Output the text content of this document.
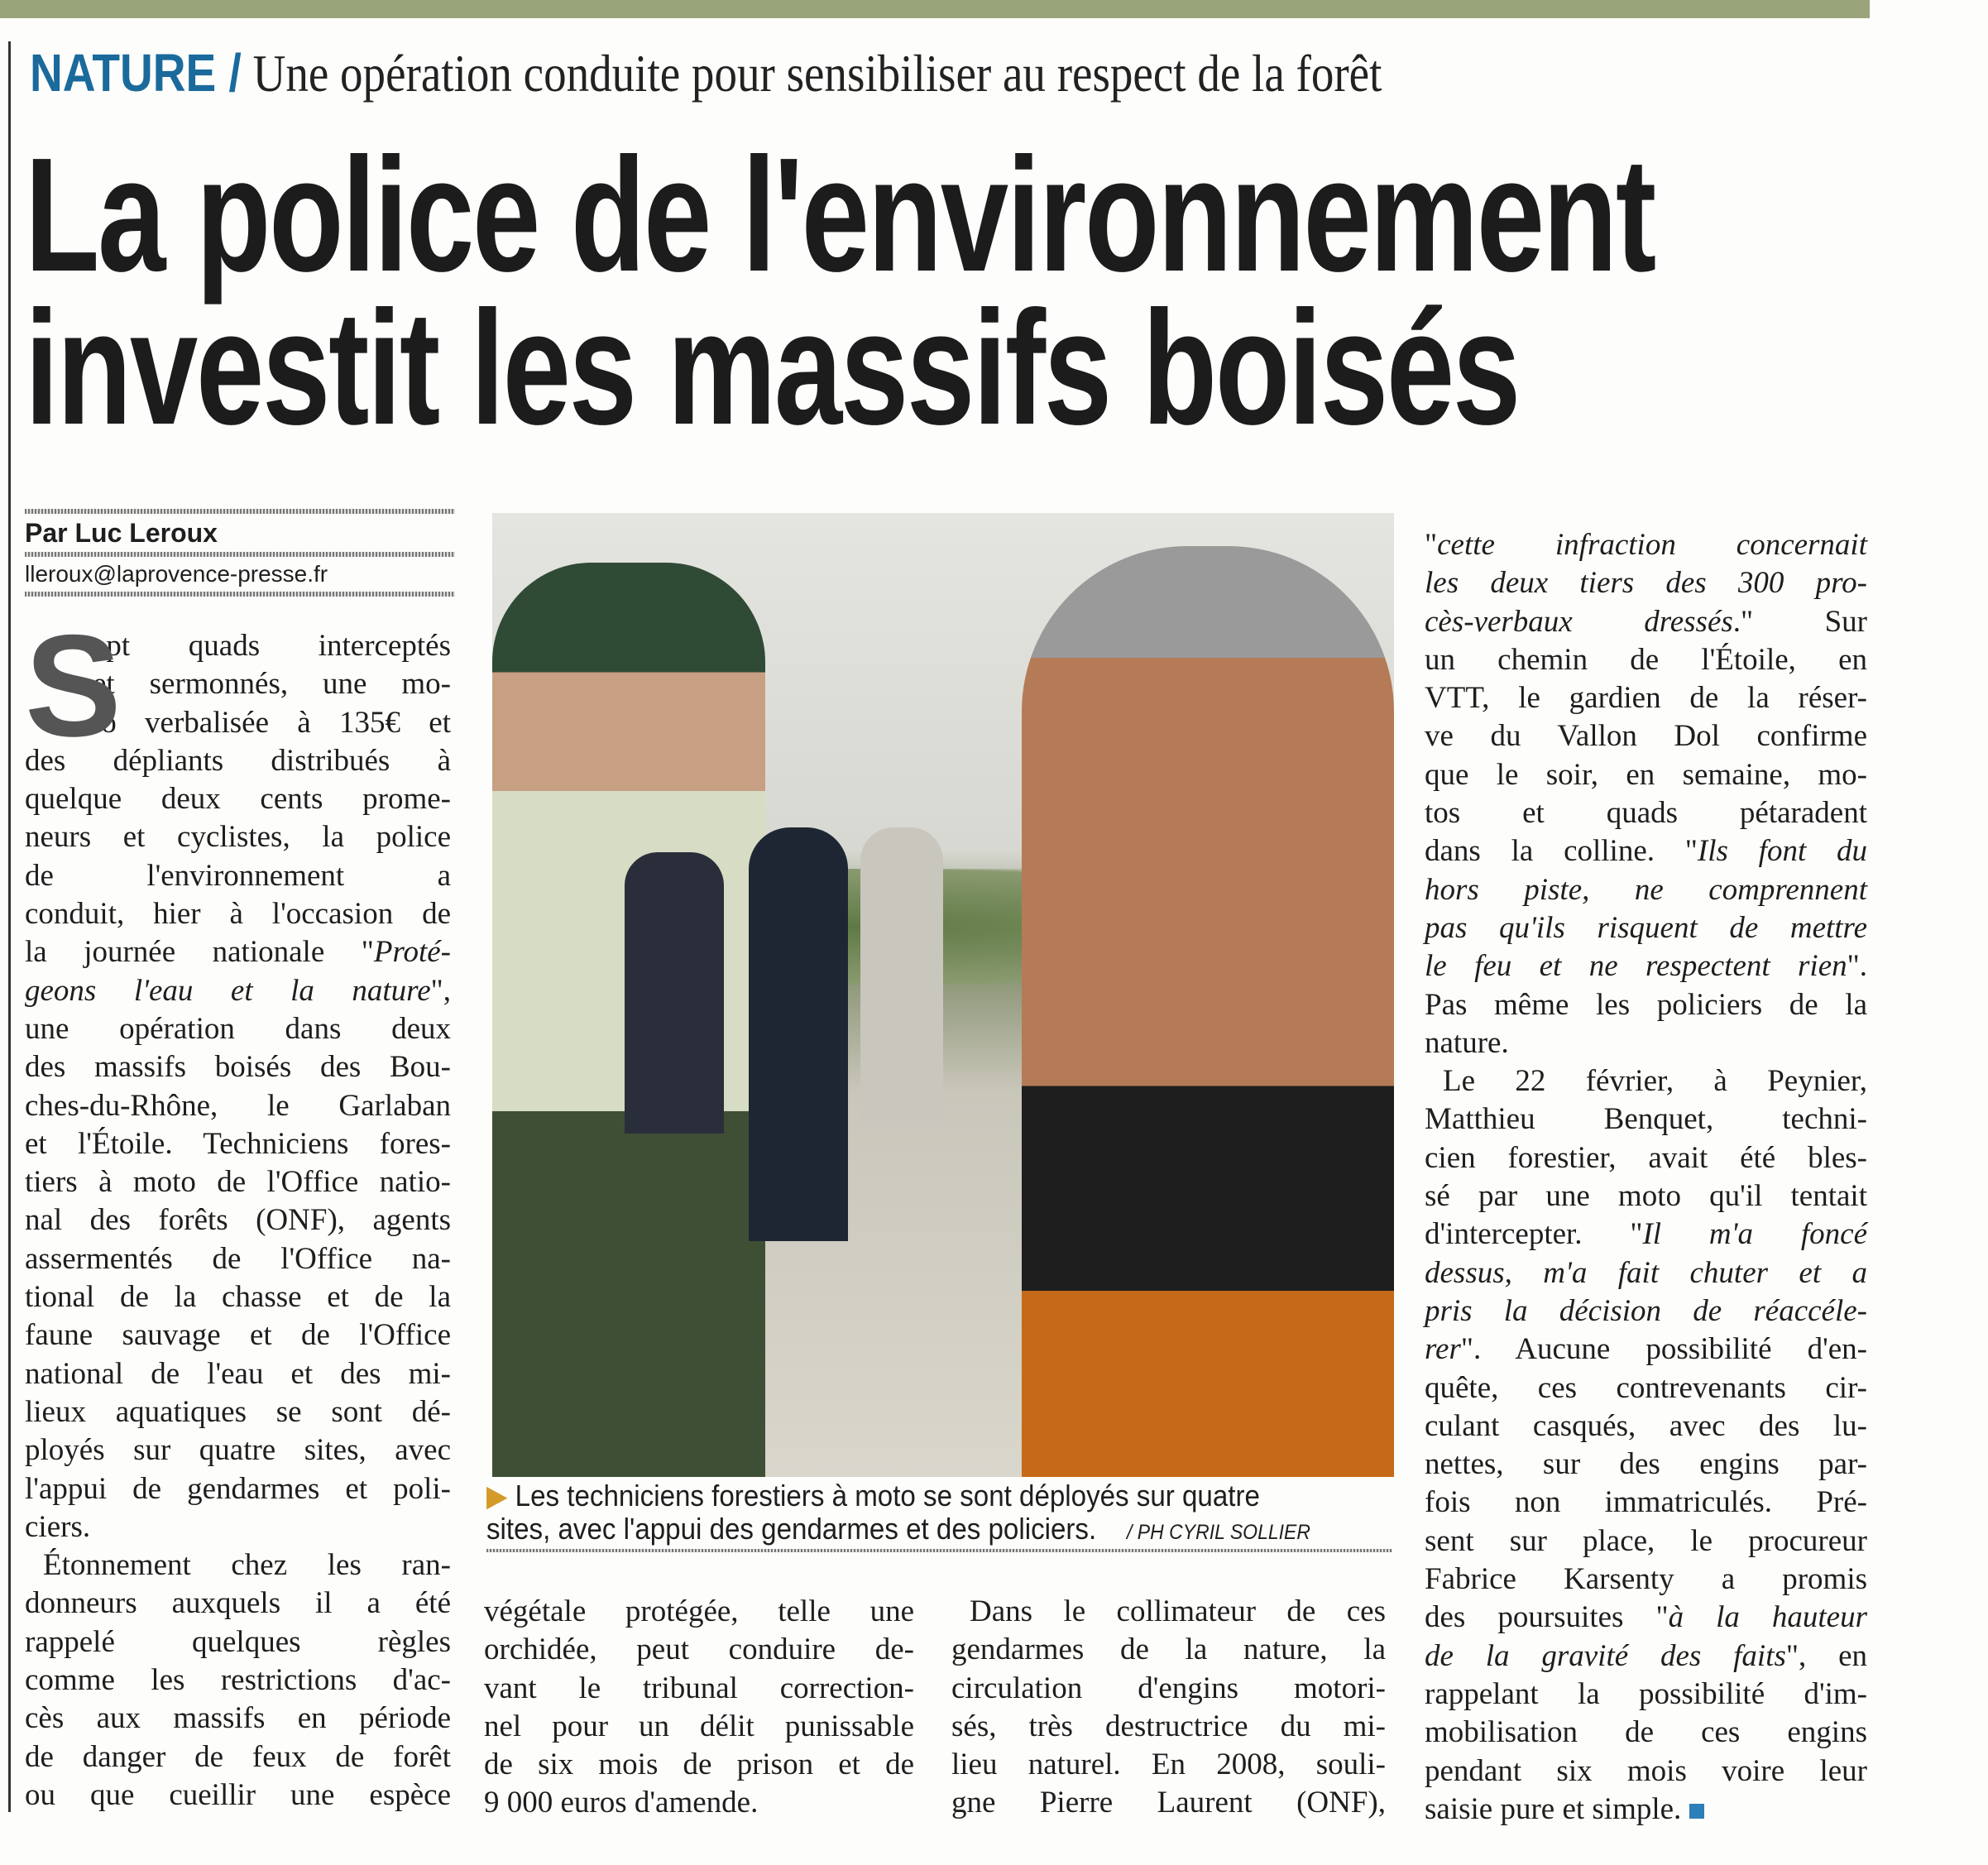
NATURE / Une opération conduite pour sensibiliser au respect de la forêt
La police de l'environnement
investit les massifs boisés
Par Luc Leroux
lleroux@laprovence-presse.fr
S
ept quads interceptés
et sermonnés, une mo-
to verbalisée à 135€ et
des dépliants distribués à
quelque deux cents prome-
neurs et cyclistes, la police
de l'environnement a
conduit, hier à l'occasion de
la journée nationale "Proté-
geons l'eau et la nature",
une opération dans deux
des massifs boisés des Bou-
ches-du-Rhône, le Garlaban
et l'Étoile. Techniciens fores-
tiers à moto de l'Office natio-
nal des forêts (ONF), agents
assermentés de l'Office na-
tional de la chasse et de la
faune sauvage et de l'Office
national de l'eau et des mi-
lieux aquatiques se sont dé-
ployés sur quatre sites, avec
l'appui de gendarmes et poli-
ciers.
Étonnement chez les ran-
donneurs auxquels il a été
rappelé quelques règles
comme les restrictions d'ac-
cès aux massifs en période
de danger de feux de forêt
ou que cueillir une espèce
▶ Les techniciens forestiers à moto se sont déployés sur quatre
sites, avec l'appui des gendarmes et des policiers. / PH CYRIL SOLLIER
végétale protégée, telle une
orchidée, peut conduire de-
vant le tribunal correction-
nel pour un délit punissable
de six mois de prison et de
9 000 euros d'amende.
Dans le collimateur de ces
gendarmes de la nature, la
circulation d'engins motori-
sés, très destructrice du mi-
lieu naturel. En 2008, souli-
gne Pierre Laurent (ONF),
"cette infraction concernait
les deux tiers des 300 pro-
cès-verbaux dressés." Sur
un chemin de l'Étoile, en
VTT, le gardien de la réser-
ve du Vallon Dol confirme
que le soir, en semaine, mo-
tos et quads pétaradent
dans la colline. "Ils font du
hors piste, ne comprennent
pas qu'ils risquent de mettre
le feu et ne respectent rien".
Pas même les policiers de la
nature.
Le 22 février, à Peynier,
Matthieu Benquet, techni-
cien forestier, avait été bles-
sé par une moto qu'il tentait
d'intercepter. "Il m'a foncé
dessus, m'a fait chuter et a
pris la décision de réaccéle-
rer". Aucune possibilité d'en-
quête, ces contrevenants cir-
culant casqués, avec des lu-
nettes, sur des engins par-
fois non immatriculés. Pré-
sent sur place, le procureur
Fabrice Karsenty a promis
des poursuites "à la hauteur
de la gravité des faits", en
rappelant la possibilité d'im-
mobilisation de ces engins
pendant six mois voire leur
saisie pure et simple.
